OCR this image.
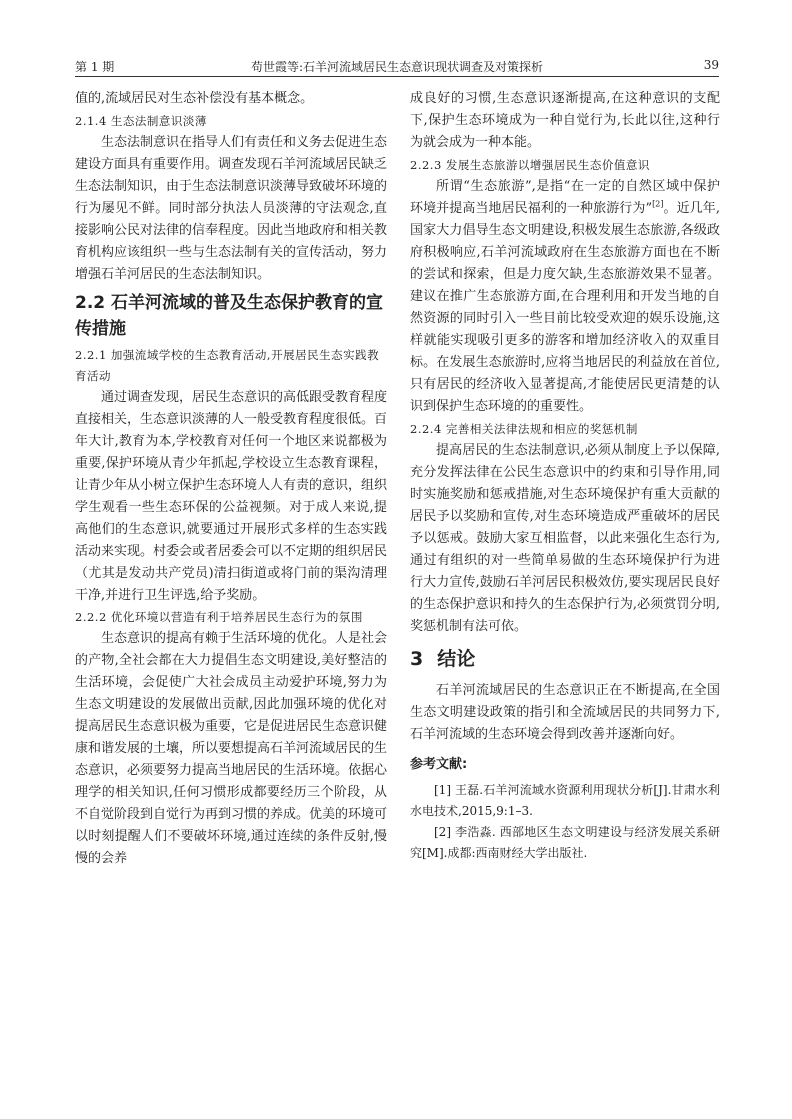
第 1 期	苟世霞等:石羊河流域居民生态意识现状调查及对策探析	39

值的,流域居民对生态补偿没有基本概念。

2.1.4 生态法制意识淡薄

生态法制意识在指导人们有责任和义务去促进生态建设方面具有重要作用。调查发现石羊河流域居民缺乏生态法制知识，由于生态法制意识淡薄导致破坏环境的行为屡见不鲜。同时部分执法人员淡薄的守法观念,直接影响公民对法律的信奉程度。因此当地政府和相关教育机构应该组织一些与生态法制有关的宣传活动，努力增强石羊河居民的生态法制知识。

2.2 石羊河流域的普及生态保护教育的宣传措施
2.2.1 加强流域学校的生态教育活动,开展居民生态实践教育活动

通过调查发现，居民生态意识的高低跟受教育程度直接相关，生态意识淡薄的人一般受教育程度很低。百年大计,教育为本,学校教育对任何一个地区来说都极为重要,保护环境从青少年抓起,学校设立生态教育课程，让青少年从小树立保护生态环境人人有责的意识，组织学生观看一些生态环保的公益视频。对于成人来说,提高他们的生态意识,就要通过开展形式多样的生态实践活动来实现。村委会或者居委会可以不定期的组织居民（尤其是发动共产党员)清扫街道或将门前的渠沟清理干净,并进行卫生评选,给予奖励。

2.2.2 优化环境以营造有利于培养居民生态行为的氛围

生态意识的提高有赖于生活环境的优化。人是社会的产物,全社会都在大力提倡生态文明建设,美好整洁的生活环境，会促使广大社会成员主动爱护环境,努力为生态文明建设的发展做出贡献,因此加强环境的优化对提高居民生态意识极为重要，它是促进居民生态意识健康和谐发展的土壤，所以要想提高石羊河流域居民的生态意识，必须要努力提高当地居民的生活环境。依据心理学的相关知识,任何习惯形成都要经历三个阶段，从不自觉阶段到自觉行为再到习惯的养成。优美的环境可以时刻提醒人们不要破坏环境,通过连续的条件反射,慢慢的会养

成良好的习惯,生态意识逐渐提高,在这种意识的支配下,保护生态环境成为一种自觉行为,长此以往,这种行为就会成为一种本能。

2.2.3 发展生态旅游以增强居民生态价值意识

所谓“生态旅游”,是指“在一定的自然区域中保护环境并提高当地居民福利的一种旅游行为”[2]。近几年,国家大力倡导生态文明建设,积极发展生态旅游,各级政府积极响应,石羊河流域政府在生态旅游方面也在不断的尝试和探索，但是力度欠缺,生态旅游效果不显著。建议在推广生态旅游方面,在合理利用和开发当地的自然资源的同时引入一些目前比较受欢迎的娱乐设施,这样就能实现吸引更多的游客和增加经济收入的双重目标。在发展生态旅游时,应将当地居民的利益放在首位,只有居民的经济收入显著提高,才能使居民更清楚的认识到保护生态环境的的重要性。

2.2.4 完善相关法律法规和相应的奖惩机制

提高居民的生态法制意识,必须从制度上予以保障,充分发挥法律在公民生态意识中的约束和引导作用,同时实施奖励和惩戒措施,对生态环境保护有重大贡献的居民予以奖励和宣传,对生态环境造成严重破坏的居民予以惩戒。鼓励大家互相监督，以此来强化生态行为,通过有组织的对一些简单易做的生态环境保护行为进行大力宣传,鼓励石羊河居民积极效仿,要实现居民良好的生态保护意识和持久的生态保护行为,必须赏罚分明,奖惩机制有法可依。

3 结论

石羊河流域居民的生态意识正在不断提高,在全国生态文明建设政策的指引和全流域居民的共同努力下,石羊河流域的生态环境会得到改善并逐渐向好。

参考文献:

[1] 王磊.石羊河流域水资源利用现状分析[J].甘肃水利水电技术,2015,9:1–3.

[2] 李浩淼. 西部地区生态文明建设与经济发展关系研究[M].成都:西南财经大学出版社.
